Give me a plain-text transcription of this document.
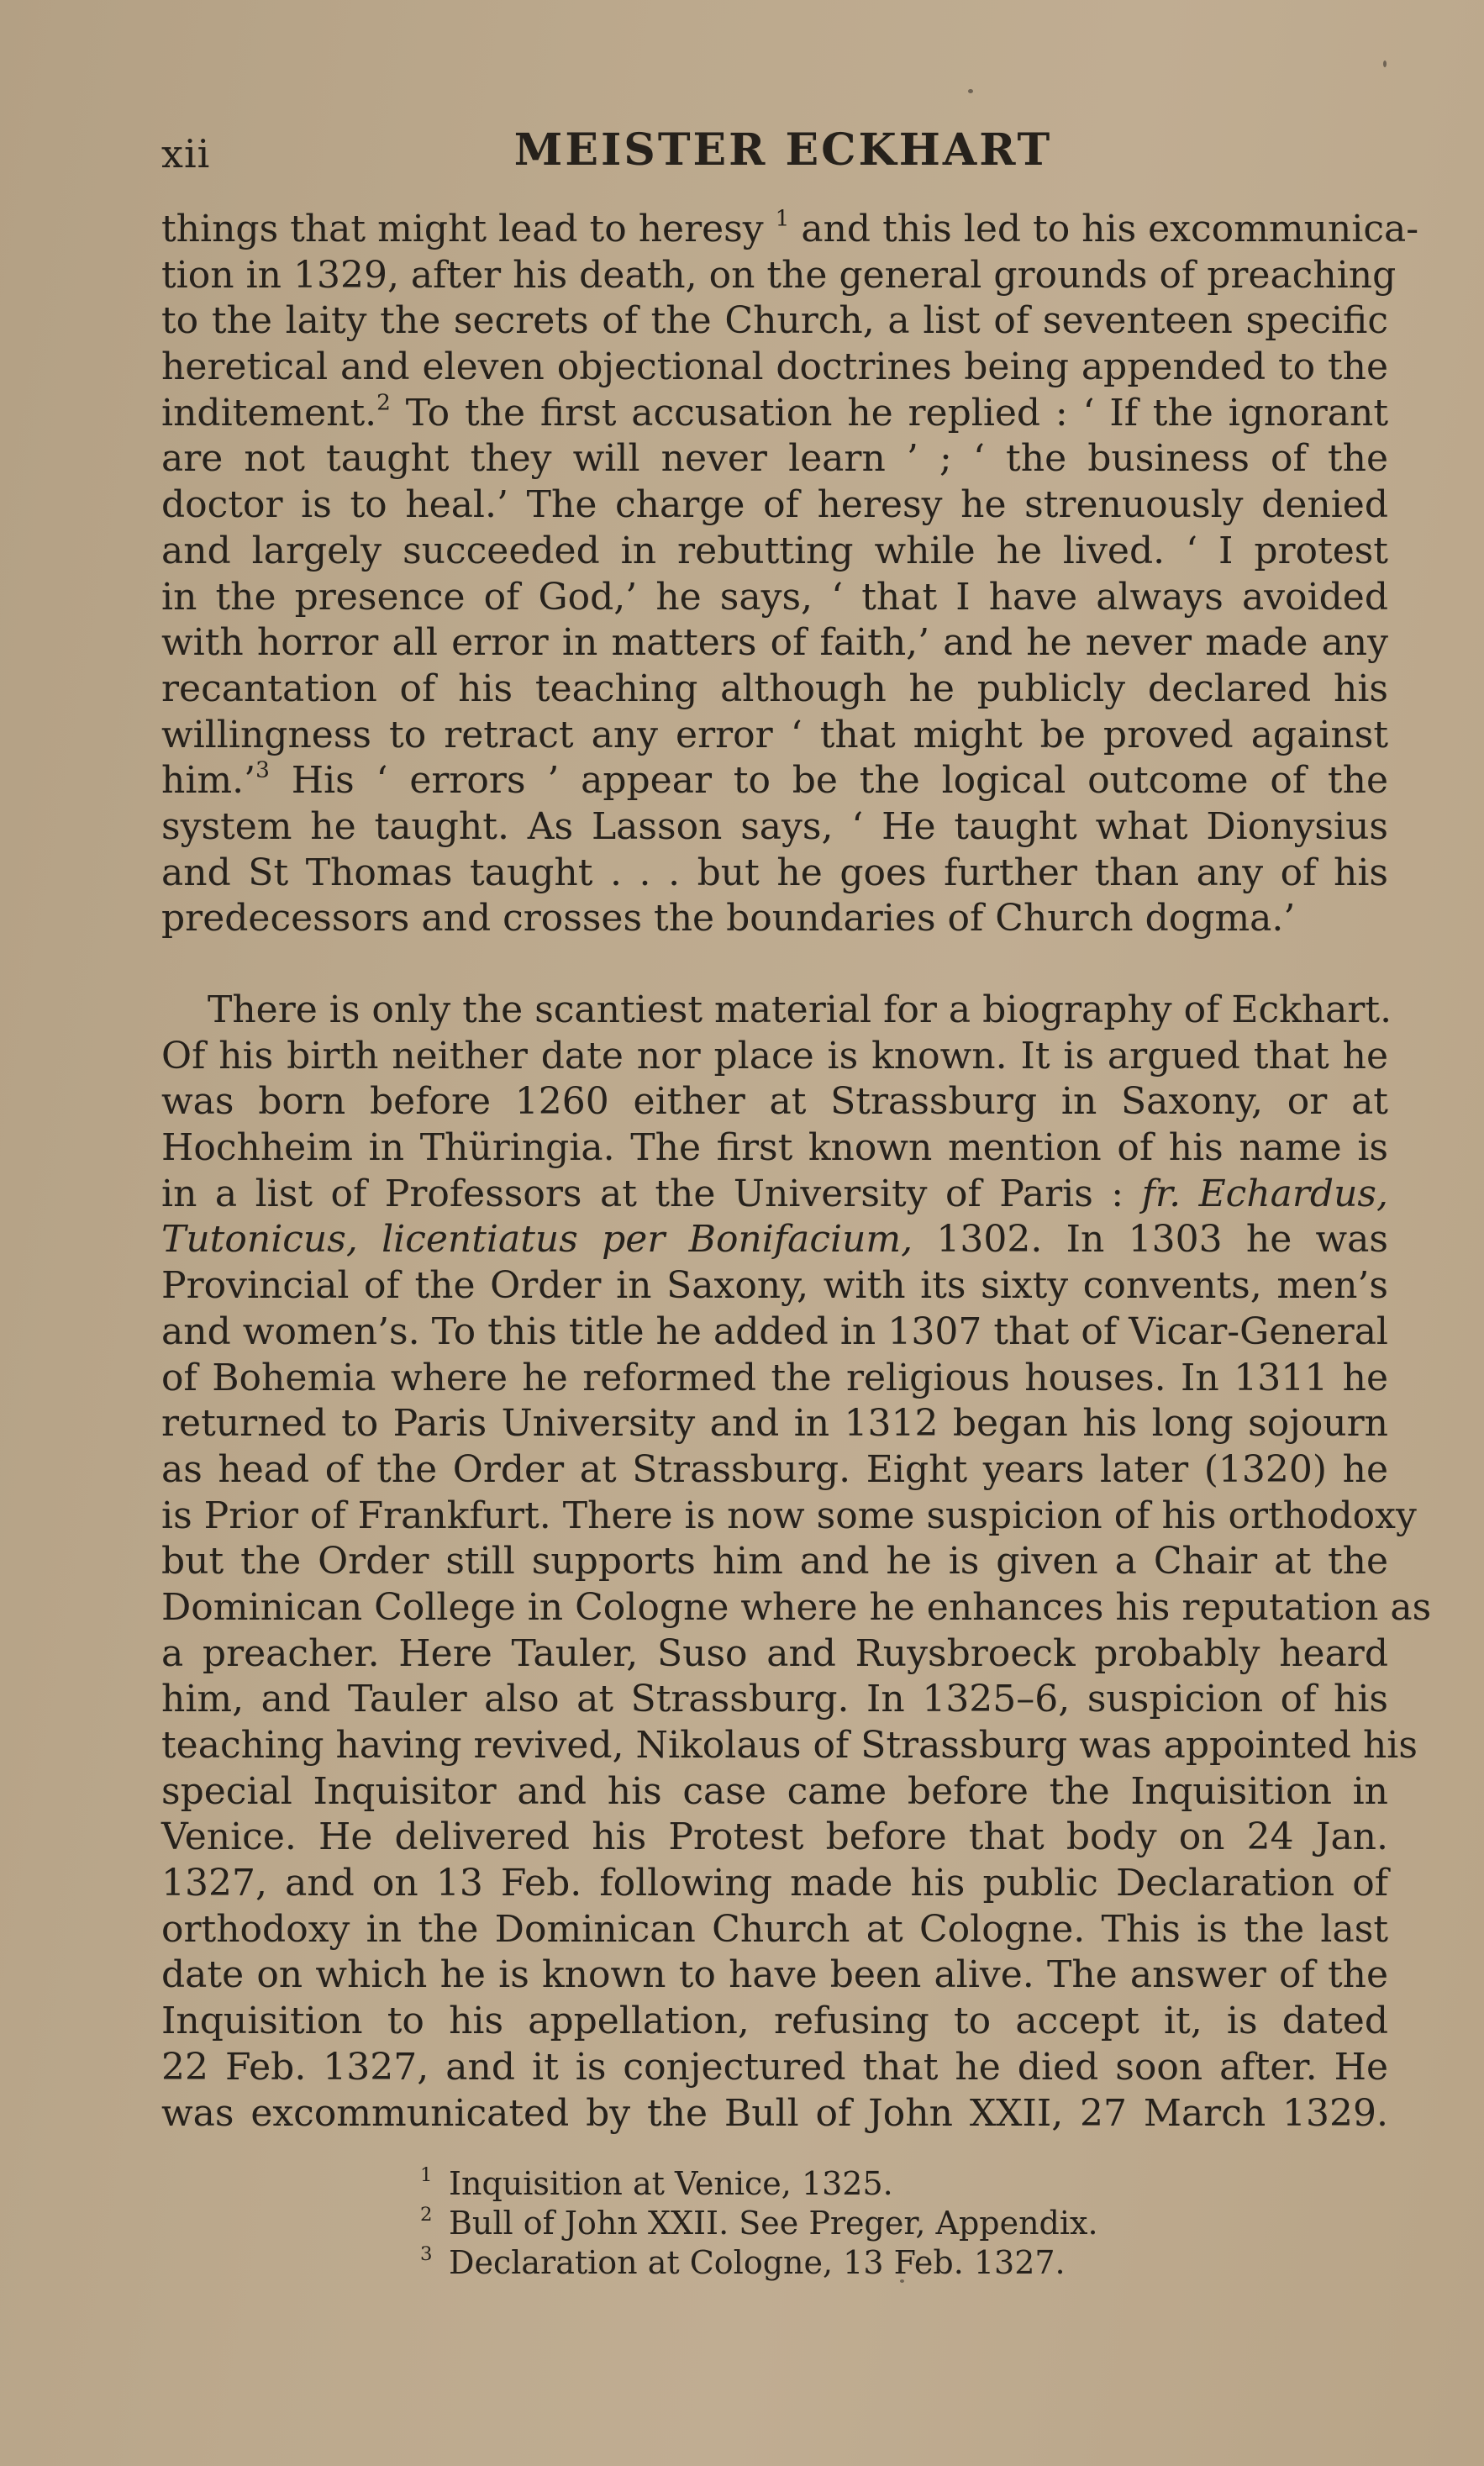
xii	MEISTER ECKHART
things that might lead to heresy $^1$ and this led to his excommunica-
tion in 1329, after his death, on the general grounds of preaching
to the laity the secrets of the Church, a list of seventeen specific
heretical and eleven objectional doctrines being appended to the
inditement.$^2$ To the first accusation he replied : ‘ If the ignorant
are not taught they will never learn ’ ; ‘ the business of the
doctor is to heal.’ The charge of heresy he strenuously denied
and largely succeeded in rebutting while he lived. ‘ I protest
in the presence of God,’ he says, ‘ that I have always avoided
with horror all error in matters of faith,’ and he never made any
recantation of his teaching although he publicly declared his
willingness to retract any error ‘ that might be proved against
him.’$^3$ His ‘ errors ’ appear to be the logical outcome of the
system he taught. As Lasson says, ‘ He taught what Dionysius
and St Thomas taught . . . but he goes further than any of his
predecessors and crosses the boundaries of Church dogma.’
There is only the scantiest material for a biography of Eckhart.
Of his birth neither date nor place is known. It is argued that he
was born before 1260 either at Strassburg in Saxony, or at
Hochheim in Thüringia. The first known mention of his name is
in a list of Professors at the University of Paris : fr. Echardus,
Tutonicus, licentiatus per Bonifacium, 1302. In 1303 he was
Provincial of the Order in Saxony, with its sixty convents, men’s
and women’s. To this title he added in 1307 that of Vicar-General
of Bohemia where he reformed the religious houses. In 1311 he
returned to Paris University and in 1312 began his long sojourn
as head of the Order at Strassburg. Eight years later (1320) he
is Prior of Frankfurt. There is now some suspicion of his orthodoxy
but the Order still supports him and he is given a Chair at the
Dominican College in Cologne where he enhances his reputation as
a preacher. Here Tauler, Suso and Ruysbroeck probably heard
him, and Tauler also at Strassburg. In 1325–6, suspicion of his
teaching having revived, Nikolaus of Strassburg was appointed his
special Inquisitor and his case came before the Inquisition in
Venice. He delivered his Protest before that body on 24 Jan.
1327, and on 13 Feb. following made his public Declaration of
orthodoxy in the Dominican Church at Cologne. This is the last
date on which he is known to have been alive. The answer of the
Inquisition to his appellation, refusing to accept it, is dated
22 Feb. 1327, and it is conjectured that he died soon after. He
was excommunicated by the Bull of John XXII, 27 March 1329.
$^1$ Inquisition at Venice, 1325.
$^2$ Bull of John XXII. See Preger, Appendix.
$^3$ Declaration at Cologne, 13 Feb. 1327.
